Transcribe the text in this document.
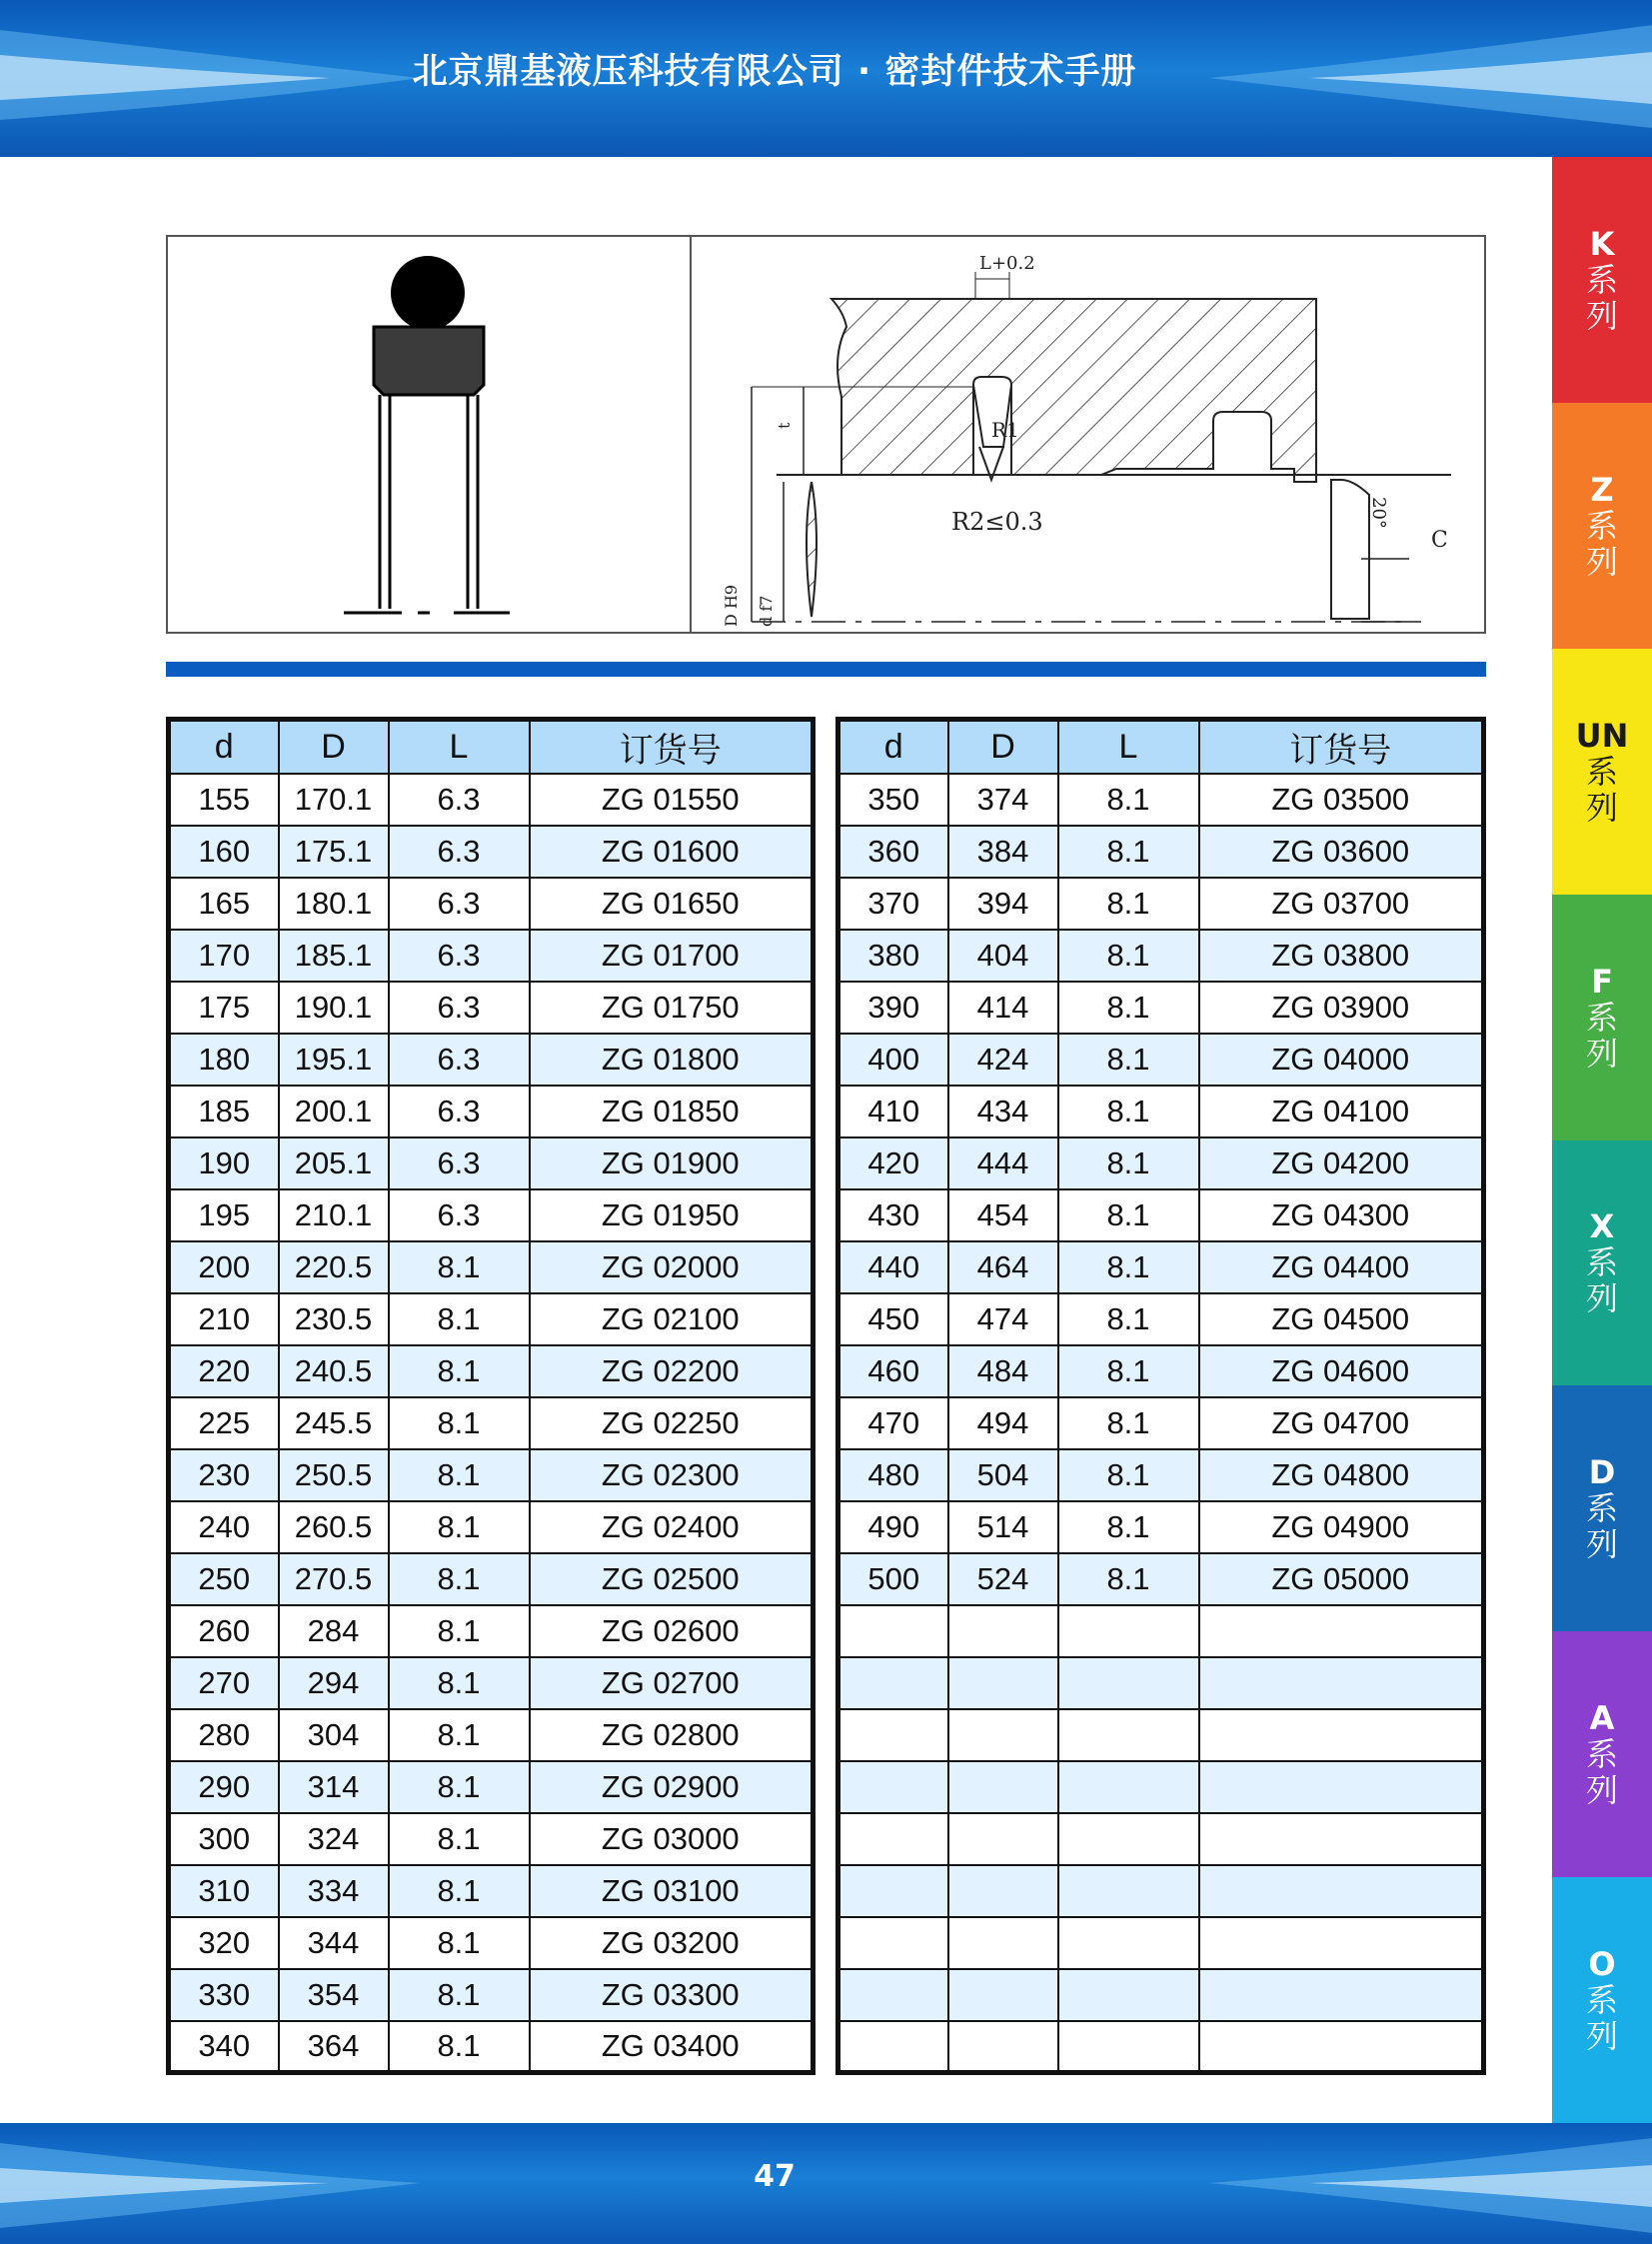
北京鼎基液压科技有限公司 · 密封件技术手册
K
系
列
Z
系
列
UN
系
列
F
系
列
X
系
列
D
系
列
A
系
列
O
系
列
L+0.2
R1
R2≤0.3	20°
C
D H9 d f7
t
d	D	L	订货号
155	170.1	6.3	ZG 01550
160	175.1	6.3	ZG 01600
165	180.1	6.3	ZG 01650
170	185.1	6.3	ZG 01700
175	190.1	6.3	ZG 01750
180	195.1	6.3	ZG 01800
185	200.1	6.3	ZG 01850
190	205.1	6.3	ZG 01900
195	210.1	6.3	ZG 01950
200	220.5	8.1	ZG 02000
210	230.5	8.1	ZG 02100
220	240.5	8.1	ZG 02200
225	245.5	8.1	ZG 02250
230	250.5	8.1	ZG 02300
240	260.5	8.1	ZG 02400
250	270.5	8.1	ZG 02500
260	284	8.1	ZG 02600
270	294	8.1	ZG 02700
280	304	8.1	ZG 02800
290	314	8.1	ZG 02900
300	324	8.1	ZG 03000
310	334	8.1	ZG 03100
320	344	8.1	ZG 03200
330	354	8.1	ZG 03300
340	364	8.1	ZG 03400
d	D	L	订货号
350	374	8.1	ZG 03500
360	384	8.1	ZG 03600
370	394	8.1	ZG 03700
380	404	8.1	ZG 03800
390	414	8.1	ZG 03900
400	424	8.1	ZG 04000
410	434	8.1	ZG 04100
420	444	8.1	ZG 04200
430	454	8.1	ZG 04300
440	464	8.1	ZG 04400
450	474	8.1	ZG 04500
460	484	8.1	ZG 04600
470	494	8.1	ZG 04700
480	504	8.1	ZG 04800
490	514	8.1	ZG 04900
500	524	8.1	ZG 05000

47
